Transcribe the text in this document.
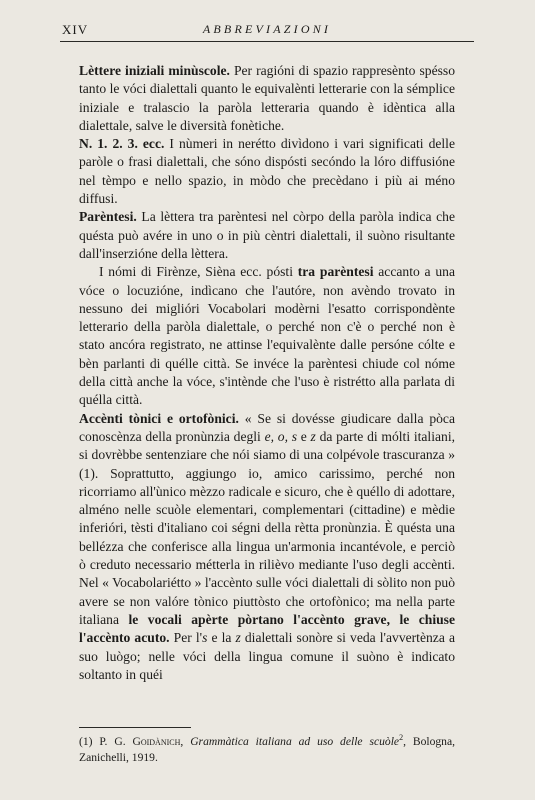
XIV	ABBREVIAZIONI

Lèttere iniziali minùscole. Per ragióni di spazio rappresènto spésso tanto le vóci dialettali quanto le equivalènti letterarie con la sémplice iniziale e tralascio la paròla letteraria quando è idèntica alla dialettale, salve le diversità fonètiche.

N. 1. 2. 3. ecc. I nùmeri in nerétto divìdono i vari significati delle paròle o frasi dialettali, che sóno dispósti secóndo la lóro diffusióne nel tèmpo e nello spazio, in mòdo che precèdano i più ai méno diffusi.

Parèntesi. La lèttera tra parèntesi nel còrpo della paròla indica che quésta può avére in uno o in più cèntri dialettali, il suòno risultante dall'inserzióne della lèttera.

I nómi di Firènze, Sièna ecc. pósti tra parèntesi accanto a una vóce o locuzióne, indìcano che l'autóre, non avèndo trovato in nessuno dei miglióri Vocabolari modèrni l'esatto corrispondènte letterario della paròla dialettale, o perché non c'è o perché non è stato ancóra registrato, ne attinse l'equivalènte dalle persóne cólte e bèn parlanti di quélle città. Se invéce la parèntesi chiude col nóme della città anche la vóce, s'intènde che l'uso è ristrétto alla parlata di quélla città.

Accènti tònici e ortofònici. « Se si dovésse giudicare dalla pòca conoscènza della pronùnzia degli e, o, s e z da parte di mólti italiani, si dovrèbbe sentenziare che nói siamo di una colpévole trascuranza » (1). Soprattutto, aggiungo io, amico carissimo, perché non ricorriamo all'ùnico mèzzo radicale e sicuro, che è quéllo di adottare, alméno nelle scuòle elementari, complementari (cittadine) e mèdie inferióri, tèsti d'italiano coi ségni della rètta pronùnzia. È quésta una bellézza che conferisce alla lingua un'armonia incantévole, e perciò ò creduto necessario métterla in rilièvo mediante l'uso degli accènti. Nel « Vocabolariétto » l'accènto sulle vóci dialettali di sòlito non può avere se non valóre tònico piuttòsto che ortofònico; ma nella parte italiana le vocali apèrte pòrtano l'accènto grave, le chiuse l'accènto acuto. Per l's e la z dialettali sonòre si veda l'avvertènza a suo luògo; nelle vóci della lingua comune il suòno è indicato soltanto in quéi

(1) P. G. Goidànich, Grammàtica italiana ad uso delle scuòle$^2$, Bologna, Zanichelli, 1919.
